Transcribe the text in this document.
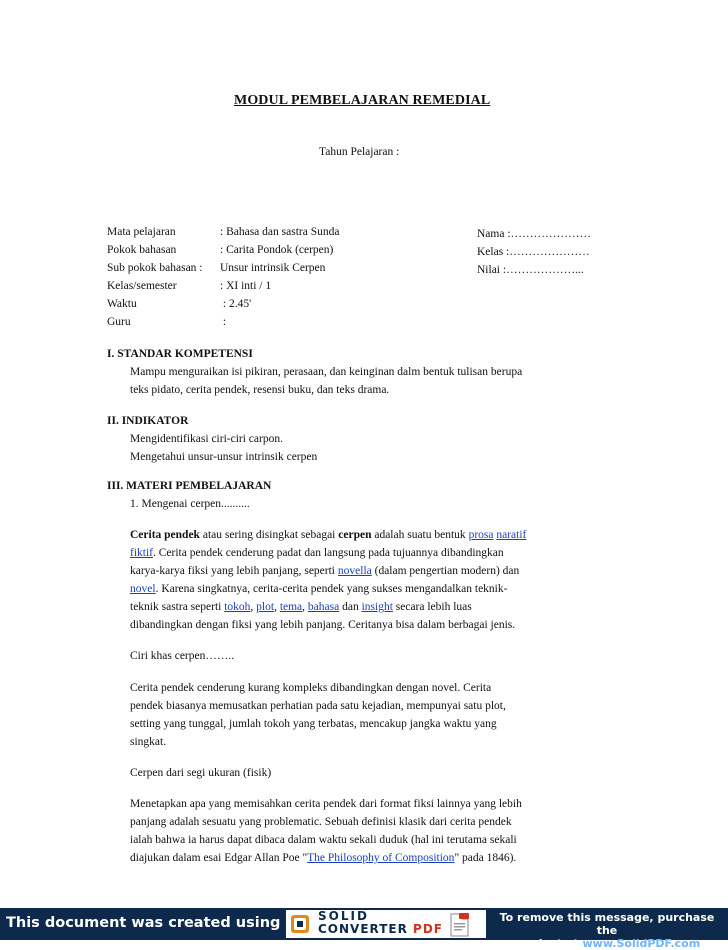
MODUL PEMBELAJARAN REMEDIAL
Tahun Pelajaran :
Mata pelajaran	: Bahasa dan sastra Sunda
Pokok bahasan	: Carita Pondok (cerpen)
Sub pokok bahasan : Unsur intrinsik Cerpen
Kelas/semester	: XI inti / 1
Waktu	: 2.45'
Guru	:
Nama :…………………
Kelas :…………………
Nilai :………………...
I. STANDAR KOMPETENSI
Mampu menguraikan isi pikiran, perasaan, dan keinginan dalm bentuk tulisan berupa
teks pidato, cerita pendek, resensi buku, dan teks drama.
II. INDIKATOR
Mengidentifikasi ciri-ciri carpon.
Mengetahui unsur-unsur intrinsik cerpen
III. MATERI PEMBELAJARAN
1. Mengenai cerpen..........
Cerita pendek atau sering disingkat sebagai cerpen adalah suatu bentuk prosa naratif
fiktif. Cerita pendek cenderung padat dan langsung pada tujuannya dibandingkan
karya-karya fiksi yang lebih panjang, seperti novella (dalam pengertian modern) dan
novel. Karena singkatnya, cerita-cerita pendek yang sukses mengandalkan teknik-
teknik sastra seperti tokoh, plot, tema, bahasa dan insight secara lebih luas
dibandingkan dengan fiksi yang lebih panjang. Ceritanya bisa dalam berbagai jenis.
Ciri khas cerpen……..
Cerita pendek cenderung kurang kompleks dibandingkan dengan novel. Cerita
pendek biasanya memusatkan perhatian pada satu kejadian, mempunyai satu plot,
setting yang tunggal, jumlah tokoh yang terbatas, mencakup jangka waktu yang
singkat.
Cerpen dari segi ukuran (fisik)
Menetapkan apa yang memisahkan cerita pendek dari format fiksi lainnya yang lebih
panjang adalah sesuatu yang problematic. Sebuah definisi klasik dari cerita pendek
ialah bahwa ia harus dapat dibaca dalam waktu sekali duduk (hal ini terutama sekali
diajukan dalam esai Edgar Allan Poe "The Philosophy of Composition" pada 1846).
This document was created using	SOLID
CONVERTER PDF
To remove this message, purchase the
product at www.SolidPDF.com
